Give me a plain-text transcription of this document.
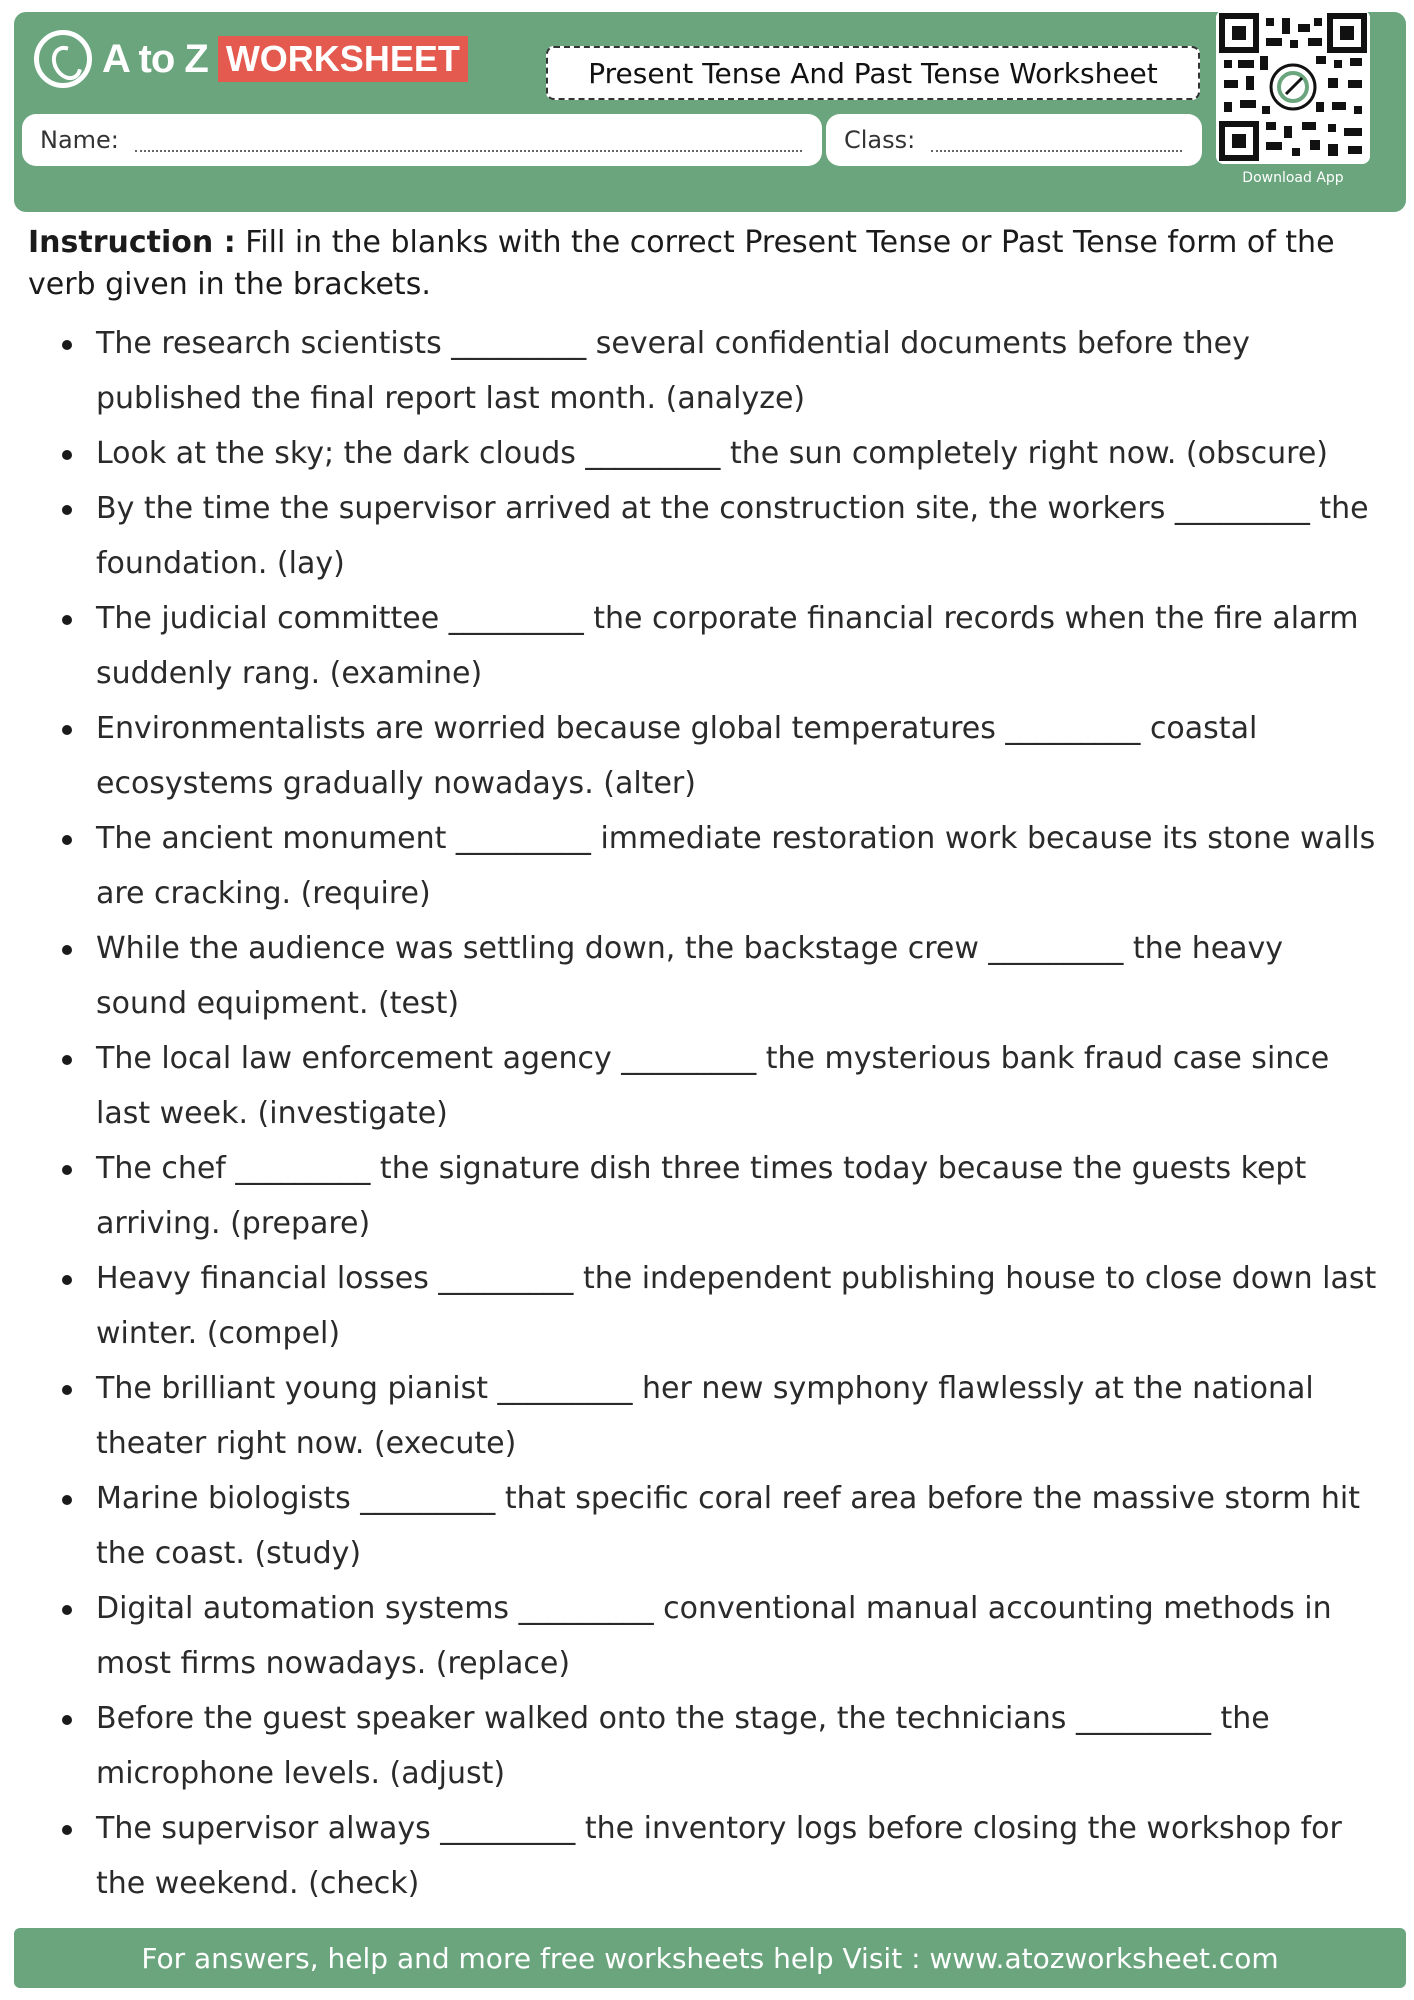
A to Z WORKSHEET	Present Tense And Past Tense Worksheet
Name:	Class:
Download App
Instruction : Fill in the blanks with the correct Present Tense or Past Tense form of the verb given in the brackets.
The research scientists _________ several confidential documents before they published the final report last month. (analyze)
Look at the sky; the dark clouds _________ the sun completely right now. (obscure)
By the time the supervisor arrived at the construction site, the workers _________ the foundation. (lay)
The judicial committee _________ the corporate financial records when the fire alarm suddenly rang. (examine)
Environmentalists are worried because global temperatures _________ coastal ecosystems gradually nowadays. (alter)
The ancient monument _________ immediate restoration work because its stone walls are cracking. (require)
While the audience was settling down, the backstage crew _________ the heavy sound equipment. (test)
The local law enforcement agency _________ the mysterious bank fraud case since last week. (investigate)
The chef _________ the signature dish three times today because the guests kept arriving. (prepare)
Heavy financial losses _________ the independent publishing house to close down last winter. (compel)
The brilliant young pianist _________ her new symphony flawlessly at the national theater right now. (execute)
Marine biologists _________ that specific coral reef area before the massive storm hit the coast. (study)
Digital automation systems _________ conventional manual accounting methods in most firms nowadays. (replace)
Before the guest speaker walked onto the stage, the technicians _________ the microphone levels. (adjust)
The supervisor always _________ the inventory logs before closing the workshop for the weekend. (check)
For answers, help and more free worksheets help Visit : www.atozworksheet.com
